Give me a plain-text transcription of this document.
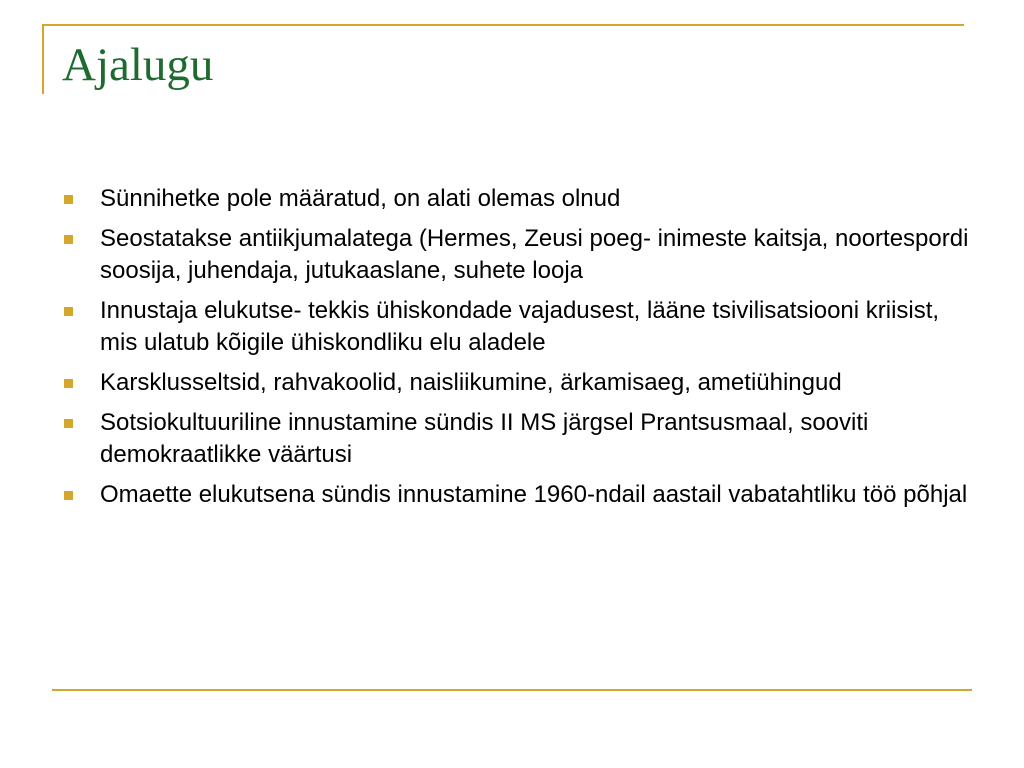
Ajalugu
Sünnihetke pole määratud, on alati olemas olnud
Seostatakse antiikjumalatega (Hermes, Zeusi poeg- inimeste kaitsja, noortespordi soosija, juhendaja, jutukaaslane, suhete looja
Innustaja elukutse- tekkis ühiskondade vajadusest, lääne tsivilisatsiooni kriisist, mis ulatub kõigile ühiskondliku elu aladele
Karsklusseltsid, rahvakoolid, naisliikumine, ärkamisaeg, ametiühingud
Sotsiokultuuriline innustamine sündis II MS järgsel Prantsusmaal, sooviti demokraatlikke väärtusi
Omaette elukutsena sündis innustamine 1960-ndail aastail vabatahtliku töö põhjal
